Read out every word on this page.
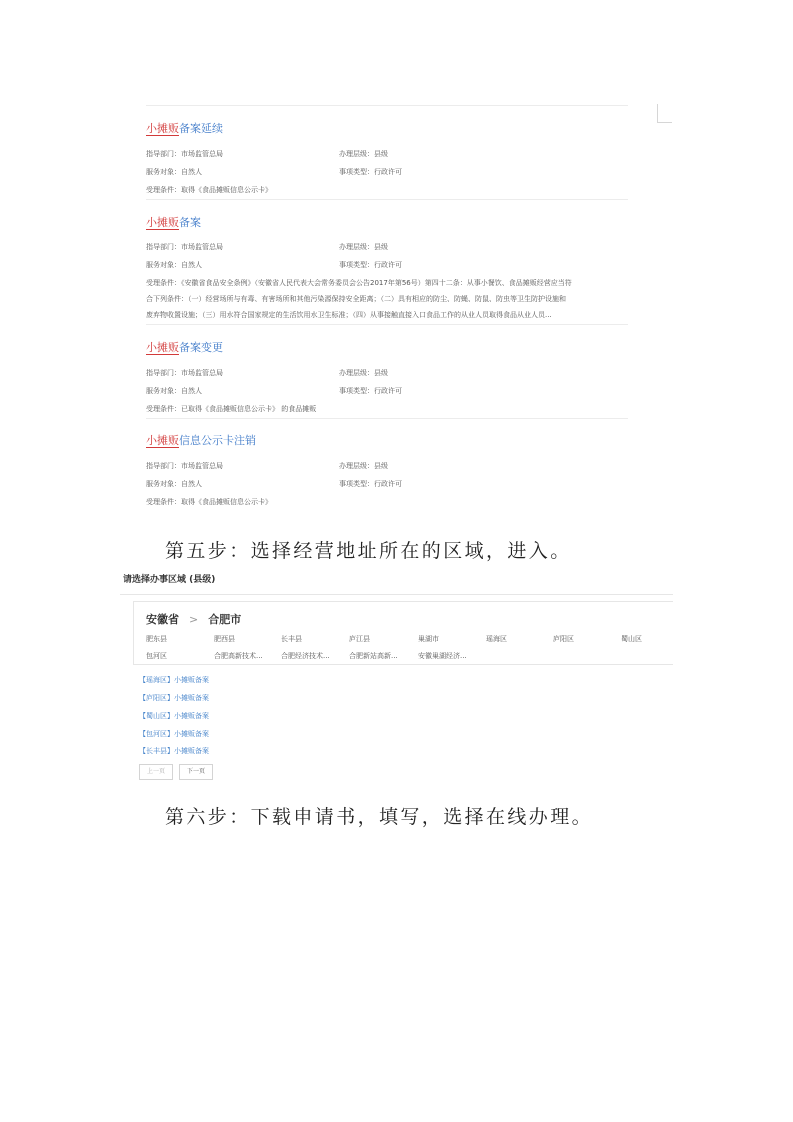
小摊贩备案延续
指导部门：市场监管总局	办理层级：县级
服务对象：自然人	事项类型：行政许可
受理条件：取得《食品摊贩信息公示卡》
小摊贩备案
指导部门：市场监管总局	办理层级：县级
服务对象：自然人	事项类型：行政许可
受理条件：《安徽省食品安全条例》（安徽省人民代表大会常务委员会公告2017年第56号）第四十二条：从事小餐饮、食品摊贩经营应当符
合下列条件：（一）经营场所与有毒、有害场所和其他污染源保持安全距离；（二）具有相应的防尘、防蝇、防鼠、防虫等卫生防护设施和
废弃物收置设施；（三）用水符合国家规定的生活饮用水卫生标准；（四）从事接触直接入口食品工作的从业人员取得食品从业人员...
小摊贩备案变更
指导部门：市场监管总局	办理层级：县级
服务对象：自然人	事项类型：行政许可
受理条件：已取得《食品摊贩信息公示卡》 的食品摊贩
小摊贩信息公示卡注销
指导部门：市场监管总局	办理层级：县级
服务对象：自然人	事项类型：行政许可
受理条件：取得《食品摊贩信息公示卡》
第五步：选择经营地址所在的区域，进入。
请选择办事区域 (县级)
安徽省 > 合肥市
肥东县	肥西县	长丰县	庐江县	巢湖市	瑶海区	庐阳区	蜀山区
包河区	合肥高新技术...	合肥经济技术...	合肥新站高新...	安徽巢湖经济...
【瑶海区】小摊贩备案
【庐阳区】小摊贩备案
【蜀山区】小摊贩备案
【包河区】小摊贩备案
【长丰县】小摊贩备案
上一页	下一页
第六步：下载申请书，填写，选择在线办理。
